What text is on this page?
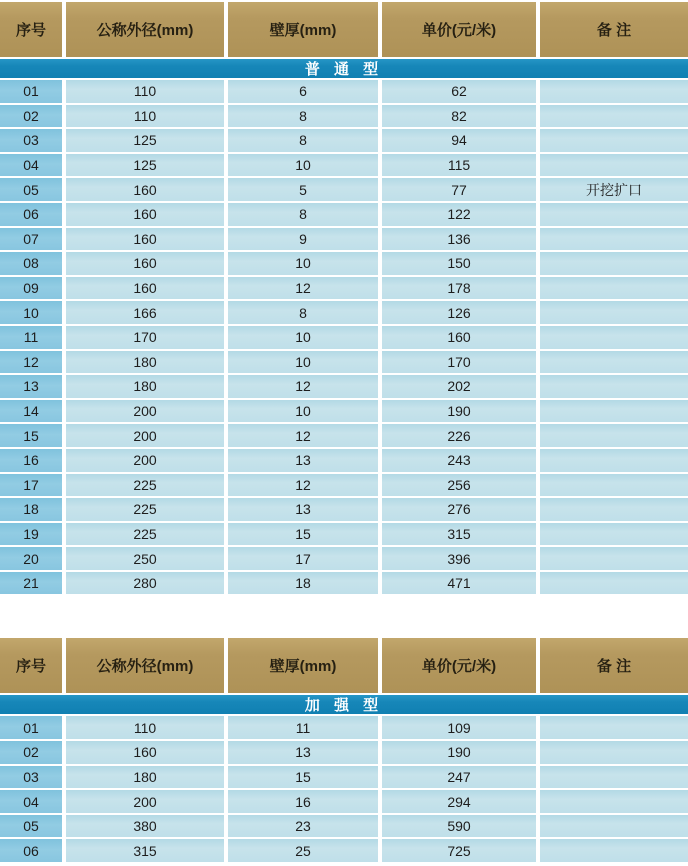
序号	公称外径(mm)	壁厚(mm)	单价(元/米)	备 注
普 通 型
01	110	6	62
02	110	8	82
03	125	8	94
04	125	10	115
05	160	5	77	开挖扩口
06	160	8	122
07	160	9	136
08	160	10	150
09	160	12	178
10	166	8	126
11	170	10	160
12	180	10	170
13	180	12	202
14	200	10	190
15	200	12	226
16	200	13	243
17	225	12	256
18	225	13	276
19	225	15	315
20	250	17	396
21	280	18	471
序号	公称外径(mm)	壁厚(mm)	单价(元/米)	备 注
加 强 型
01	110	11	109
02	160	13	190
03	180	15	247
04	200	16	294
05	380	23	590
06	315	25	725
